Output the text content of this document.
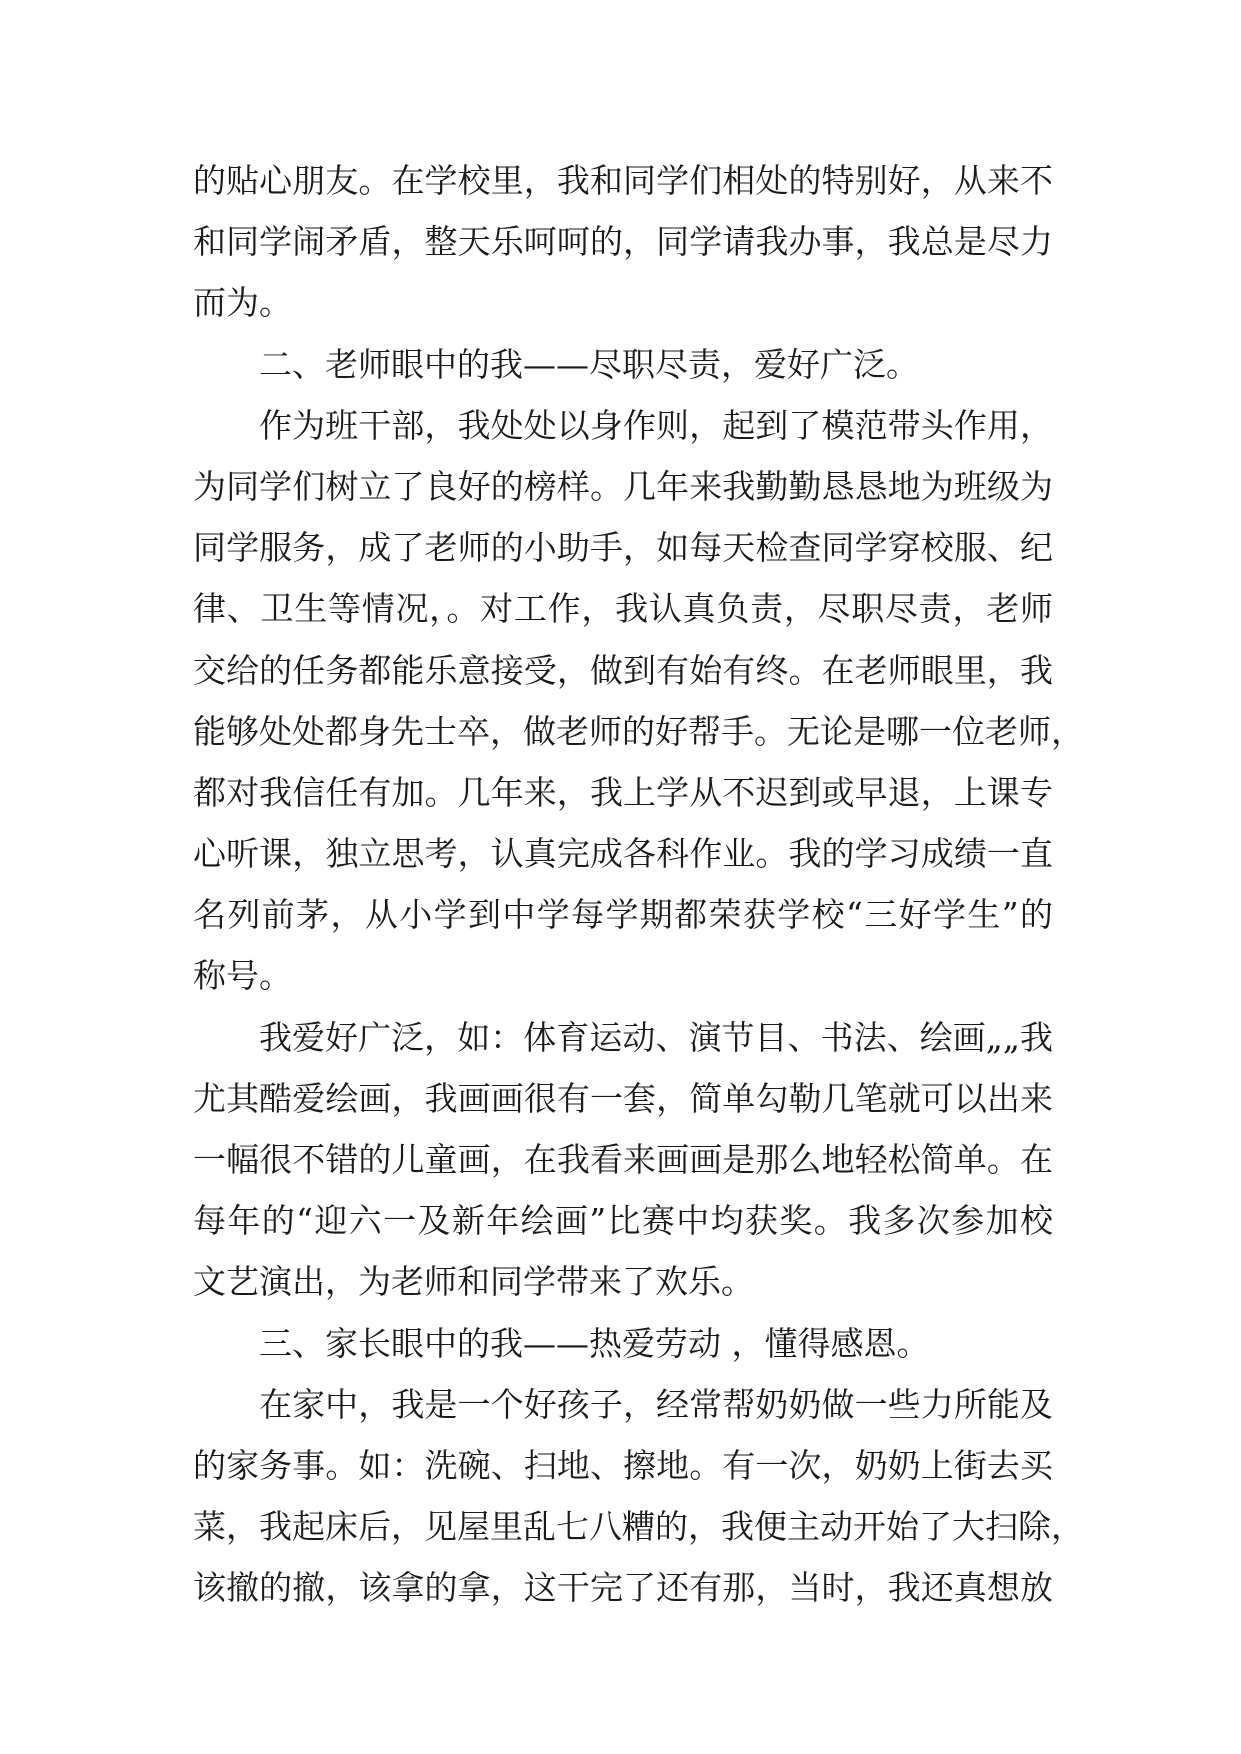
的贴心朋友。在学校里，我和同学们相处的特别好，从来不
和同学闹矛盾，整天乐呵呵的，同学请我办事，我总是尽力
而为。
二、老师眼中的我——尽职尽责，爱好广泛。
作为班干部，我处处以身作则，起到了模范带头作用，
为同学们树立了良好的榜样。几年来我勤勤恳恳地为班级为
同学服务，成了老师的小助手，如每天检查同学穿校服、纪
律、卫生等情况，。对工作，我认真负责，尽职尽责，老师
交给的任务都能乐意接受，做到有始有终。在老师眼里，我
能够处处都身先士卒，做老师的好帮手。无论是哪一位老师，
都对我信任有加。几年来，我上学从不迟到或早退，上课专
心听课，独立思考，认真完成各科作业。我的学习成绩一直
名列前茅，从小学到中学每学期都荣获学校“三好学生”的
称号。
我爱好广泛，如：体育运动、演节目、书法、绘画„„我
尤其酷爱绘画，我画画很有一套，简单勾勒几笔就可以出来
一幅很不错的儿童画，在我看来画画是那么地轻松简单。在
每年的“迎六一及新年绘画”比赛中均获奖。我多次参加校
文艺演出，为老师和同学带来了欢乐。
三、家长眼中的我——热爱劳动 ，懂得感恩。
在家中，我是一个好孩子，经常帮奶奶做一些力所能及
的家务事。如：洗碗、扫地、擦地。有一次，奶奶上街去买
菜，我起床后，见屋里乱七八糟的，我便主动开始了大扫除，
该撤的撤，该拿的拿，这干完了还有那，当时，我还真想放
